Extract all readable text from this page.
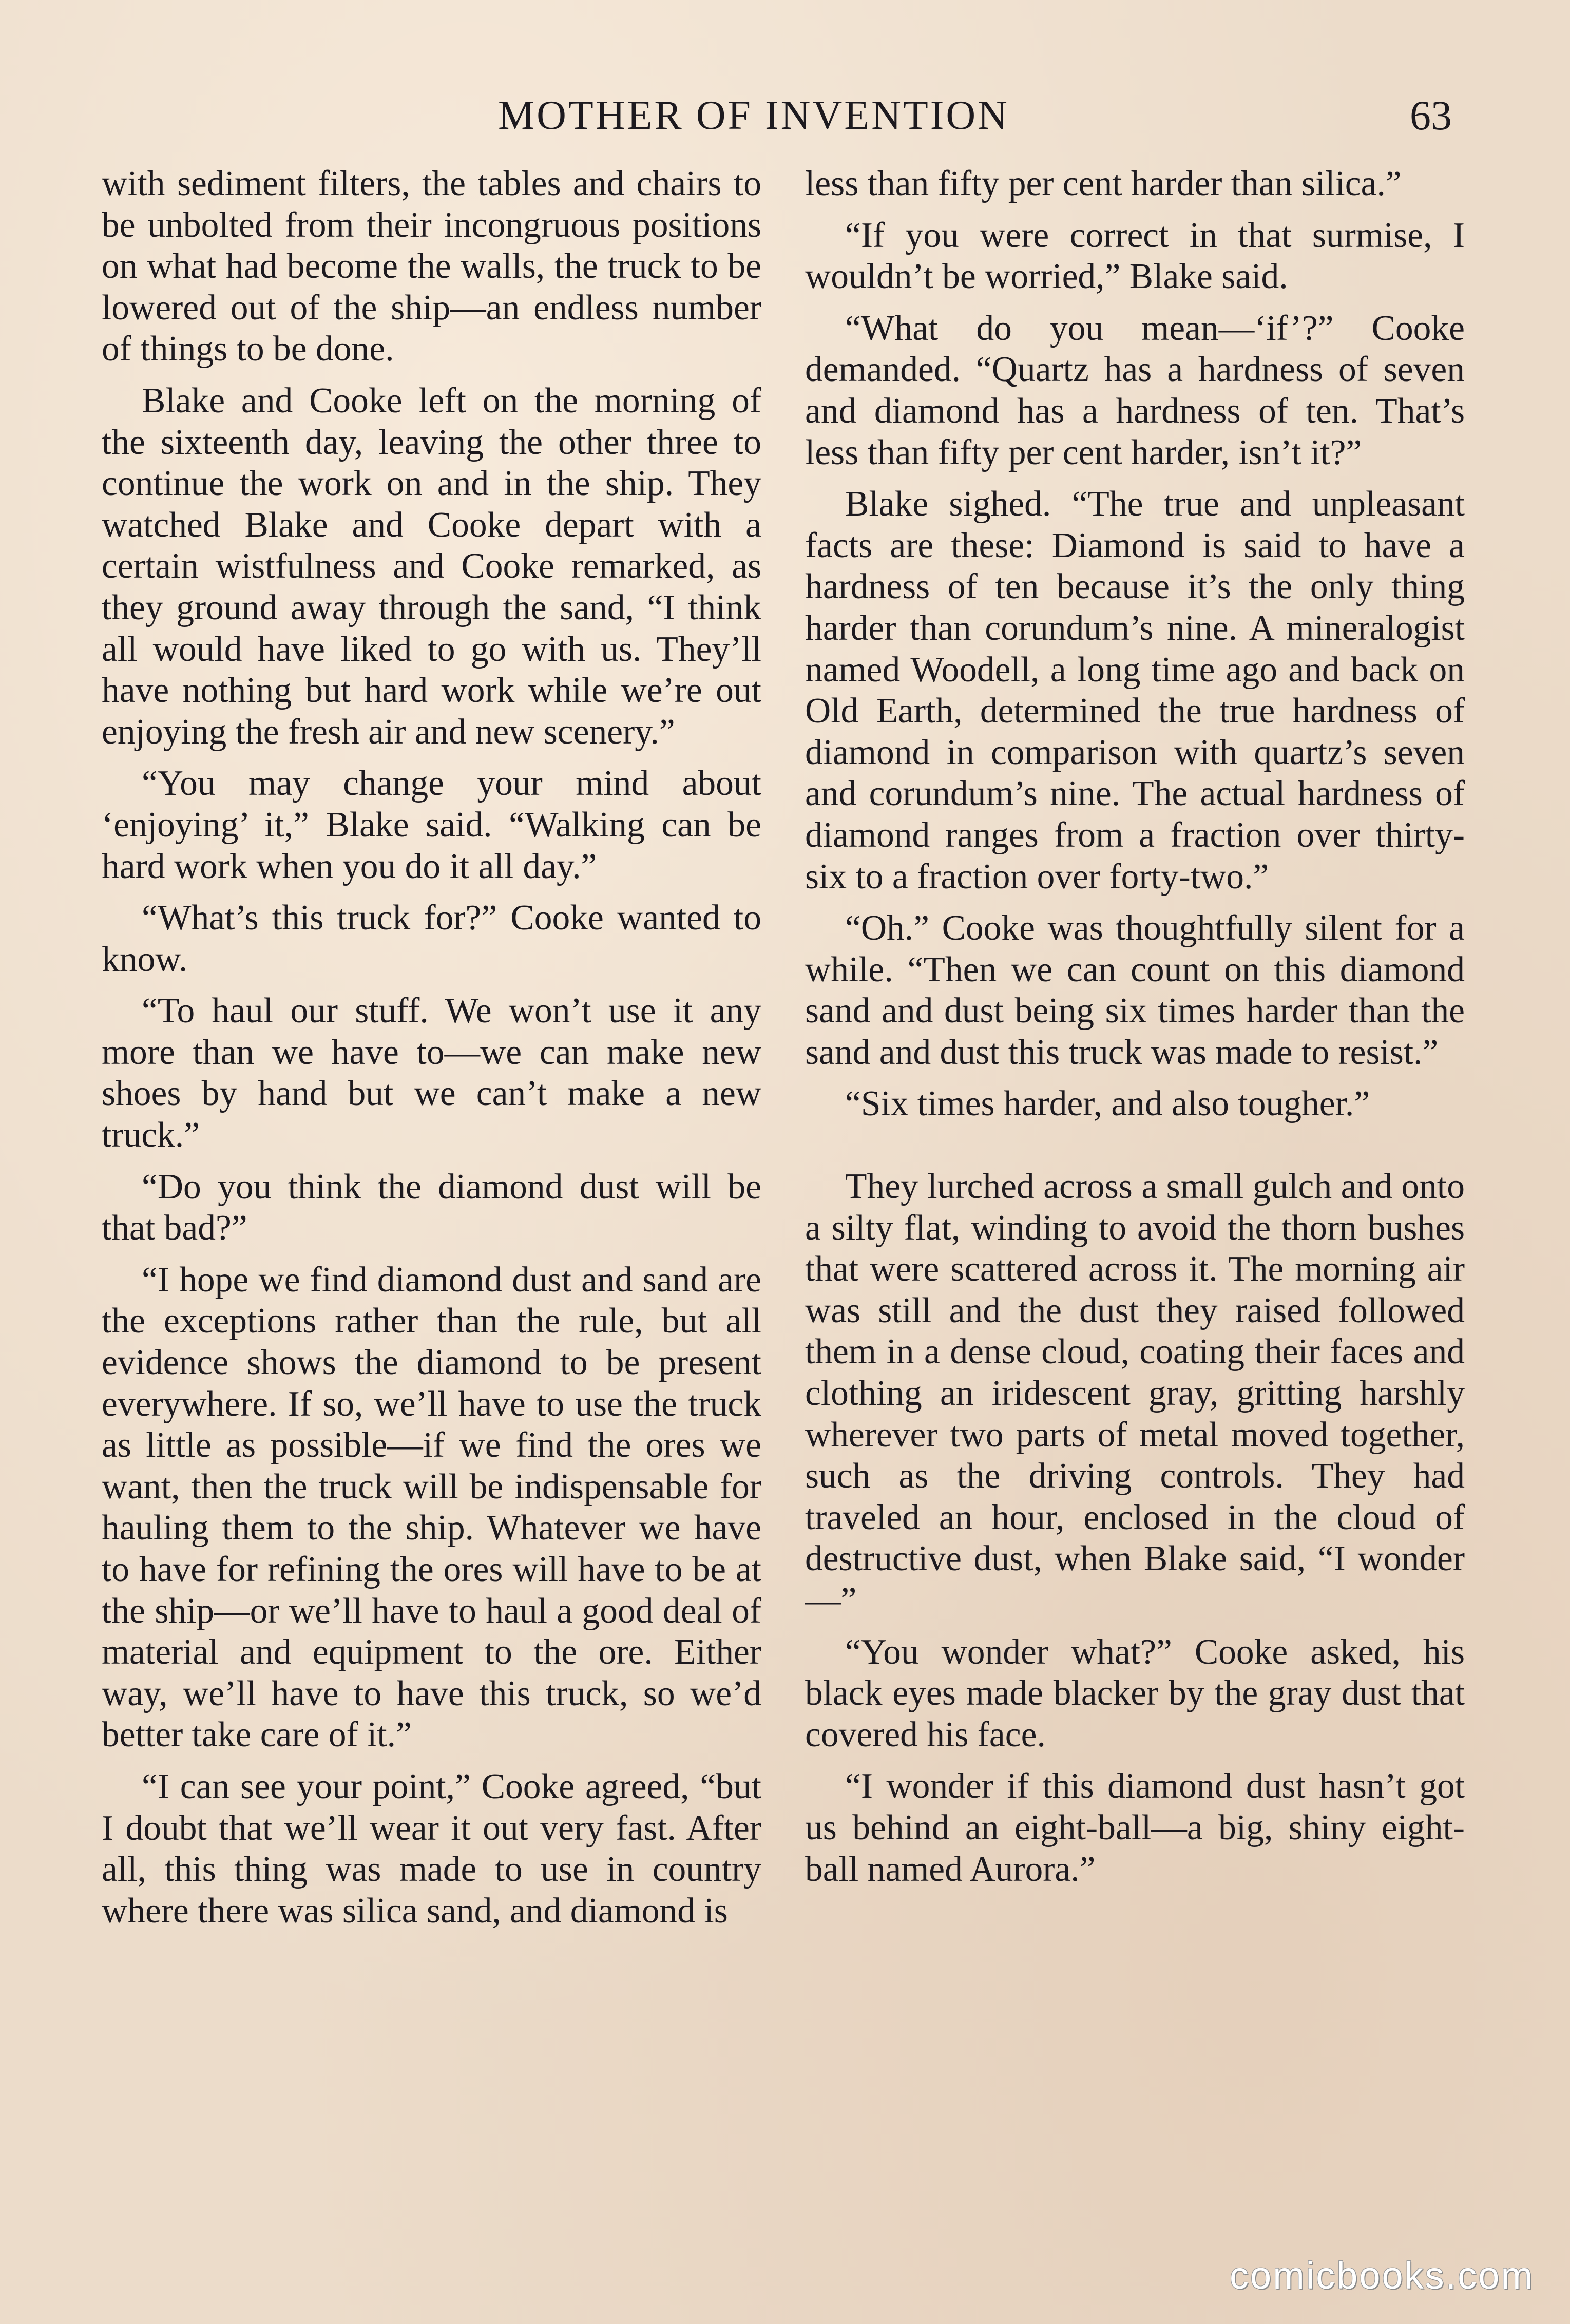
MOTHER OF INVENTION	63

with sediment filters, the tables and chairs to be unbolted from their incongruous positions on what had become the walls, the truck to be lowered out of the ship—an endless number of things to be done.

Blake and Cooke left on the morning of the sixteenth day, leaving the other three to continue the work on and in the ship. They watched Blake and Cooke depart with a certain wistfulness and Cooke remarked, as they ground away through the sand, “I think all would have liked to go with us. They’ll have nothing but hard work while we’re out enjoying the fresh air and new scenery.”

“You may change your mind about ‘enjoying’ it,” Blake said. “Walking can be hard work when you do it all day.”

“What’s this truck for?” Cooke wanted to know.

“To haul our stuff. We won’t use it any more than we have to—we can make new shoes by hand but we can’t make a new truck.”

“Do you think the diamond dust will be that bad?”

“I hope we find diamond dust and sand are the exceptions rather than the rule, but all evidence shows the diamond to be present everywhere. If so, we’ll have to use the truck as little as possible—if we find the ores we want, then the truck will be indispensable for hauling them to the ship. Whatever we have to have for refining the ores will have to be at the ship—or we’ll have to haul a good deal of material and equipment to the ore. Either way, we’ll have to have this truck, so we’d better take care of it.”

“I can see your point,” Cooke agreed, “but I doubt that we’ll wear it out very fast. After all, this thing was made to use in country where there was silica sand, and diamond is

less than fifty per cent harder than silica.”

“If you were correct in that surmise, I wouldn’t be worried,” Blake said.

“What do you mean—‘if’?” Cooke demanded. “Quartz has a hardness of seven and diamond has a hardness of ten. That’s less than fifty per cent harder, isn’t it?”

Blake sighed. “The true and unpleasant facts are these: Diamond is said to have a hardness of ten because it’s the only thing harder than corundum’s nine. A mineralogist named Woodell, a long time ago and back on Old Earth, determined the true hardness of diamond in comparison with quartz’s seven and corundum’s nine. The actual hardness of diamond ranges from a fraction over thirty-six to a fraction over forty-two.”

“Oh.” Cooke was thoughtfully silent for a while. “Then we can count on this diamond sand and dust being six times harder than the sand and dust this truck was made to resist.”

“Six times harder, and also tougher.”

They lurched across a small gulch and onto a silty flat, winding to avoid the thorn bushes that were scattered across it. The morning air was still and the dust they raised followed them in a dense cloud, coating their faces and clothing an iridescent gray, gritting harshly wherever two parts of metal moved together, such as the driving controls. They had traveled an hour, enclosed in the cloud of destructive dust, when Blake said, “I wonder—”

“You wonder what?” Cooke asked, his black eyes made blacker by the gray dust that covered his face.

“I wonder if this diamond dust hasn’t got us behind an eight-ball—a big, shiny eight-ball named Aurora.”

comicbooks.com
